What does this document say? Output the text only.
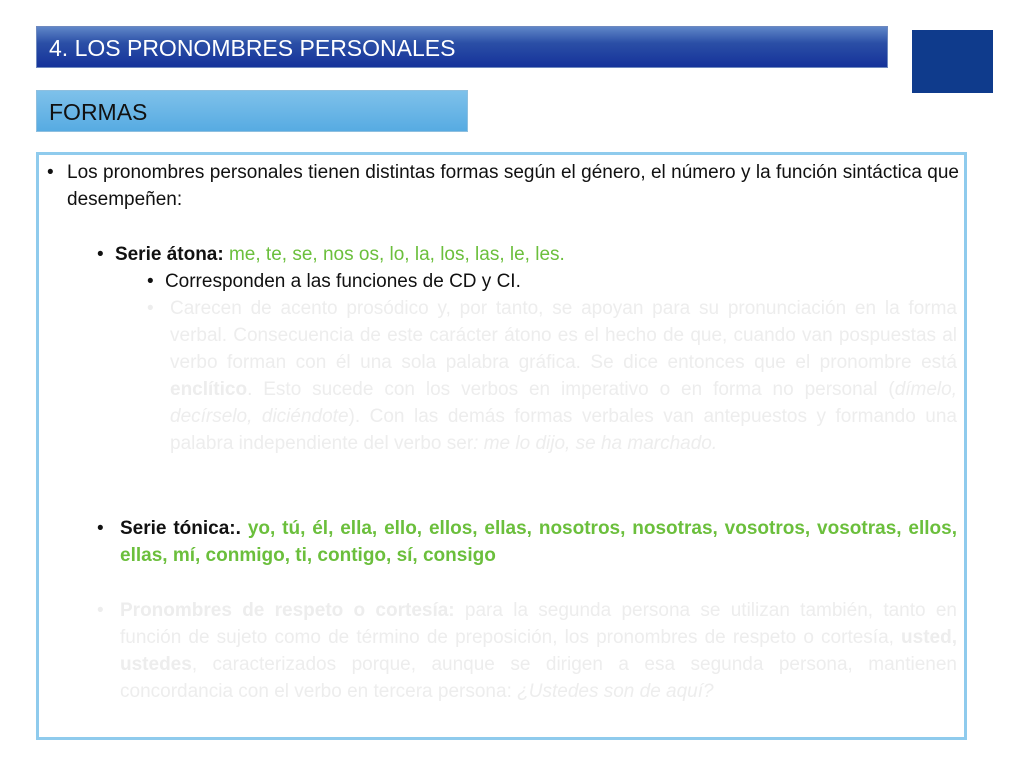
4. LOS PRONOMBRES PERSONALES
FORMAS
• Los pronombres personales tienen distintas formas según el género, el número y la función sintáctica que desempeñen:
• Serie átona: me, te, se, nos os, lo, la, los, las, le, les.
• Corresponden a las funciones de CD y CI.
• Carecen de acento prosódico y, por tanto, se apoyan para su pronunciación en la forma verbal. Consecuencia de este carácter átono es el hecho de que, cuando van pospuestas al verbo forman con él una sola palabra gráfica. Se dice entonces que el pronombre está enclítico. Esto sucede con los verbos en imperativo o en forma no personal (dímelo, decírselo, diciéndote). Con las demás formas verbales van antepuestos y formando una palabra independiente del verbo ser: me lo dijo, se ha marchado.
• Serie tónica:. yo, tú, él, ella, ello, ellos, ellas, nosotros, nosotras, vosotros, vosotras, ellos, ellas, mí, conmigo, ti, contigo, sí, consigo
• Pronombres de respeto o cortesía: para la segunda persona se utilizan también, tanto en función de sujeto como de término de preposición, los pronombres de respeto o cortesía, usted, ustedes, caracterizados porque, aunque se dirigen a esa segunda persona, mantienen concordancia con el verbo en tercera persona: ¿Ustedes son de aquí?
